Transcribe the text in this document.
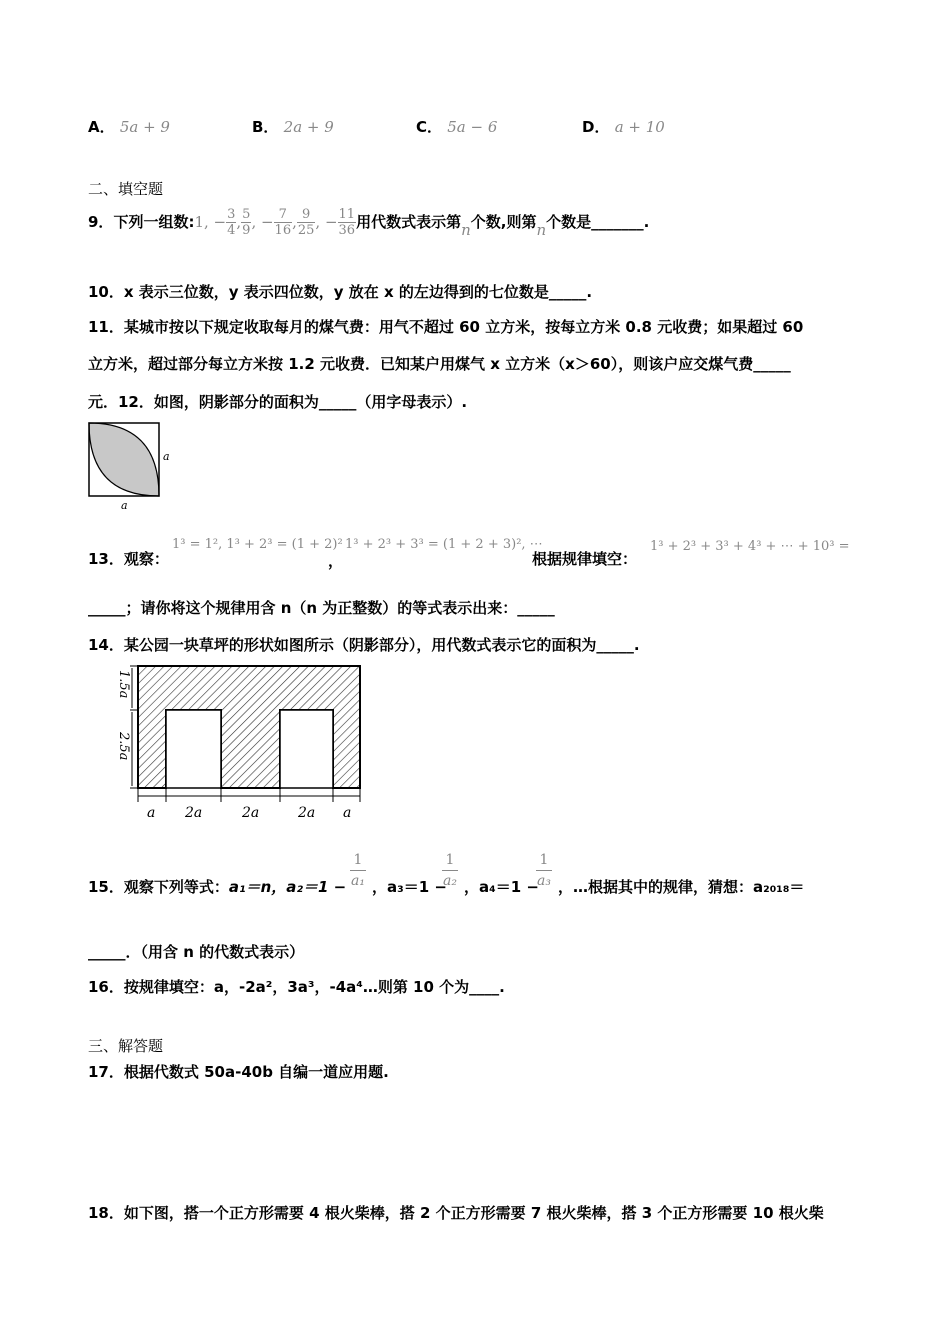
A． 5a + 9	B． 2a + 9	C． 5a − 6	D． a + 10
二、填空题
9．下列一组数:1, − $\frac{3}{4}$ , $\frac{5}{9}$ , − $\frac{7}{16}$ , $\frac{9}{25}$ , − $\frac{11}{36}$ 用代数式表示第n个数,则第n个数是_______.
10．x 表示三位数，y 表示四位数，y 放在 x 的左边得到的七位数是_____.
11．某城市按以下规定收取每月的煤气费：用气不超过 60 立方米，按每立方米 0.8 元收费；如果超过 60
立方米，超过部分每立方米按 1.2 元收费．已知某户用煤气 x 立方米（x＞60），则该户应交煤气费_____
元．12．如图，阴影部分的面积为_____（用字母表示）.
a
a
13．观察：
1³ = 1², 1³ + 2³ = (1 + 2)²
，
1³ + 2³ + 3³ = (1 + 2 + 3)², ⋯
根据规律填空：
1³ + 2³ + 3³ + 4³ + ⋯ + 10³ =
_____；请你将这个规律用含 n（n 为正整数）的等式表示出来：_____
14．某公园一块草坪的形状如图所示（阴影部分），用代数式表示它的面积为_____.
1.5a
2.5a
a 2a	2a	2a a
15．观察下列等式：a₁＝n，$a_2=1 - \frac{1}{\text{a₁}}$ ，a₃＝1 −
$\frac{1}{\text{a₂}}$ ，a₄＝1 −
$\frac{1}{\text{a₃}}$ ，…根据其中的规律，猜想：a₂₀₁₈＝
_____．（用含 n 的代数式表示）
16．按规律填空：a，-2a²，3a³，-4a⁴…则第 10 个为____.
三、解答题
17．根据代数式 50a-40b 自编一道应用题.
18．如下图，搭一个正方形需要 4 根火柴棒，搭 2 个正方形需要 7 根火柴棒，搭 3 个正方形需要 10 根火柴
